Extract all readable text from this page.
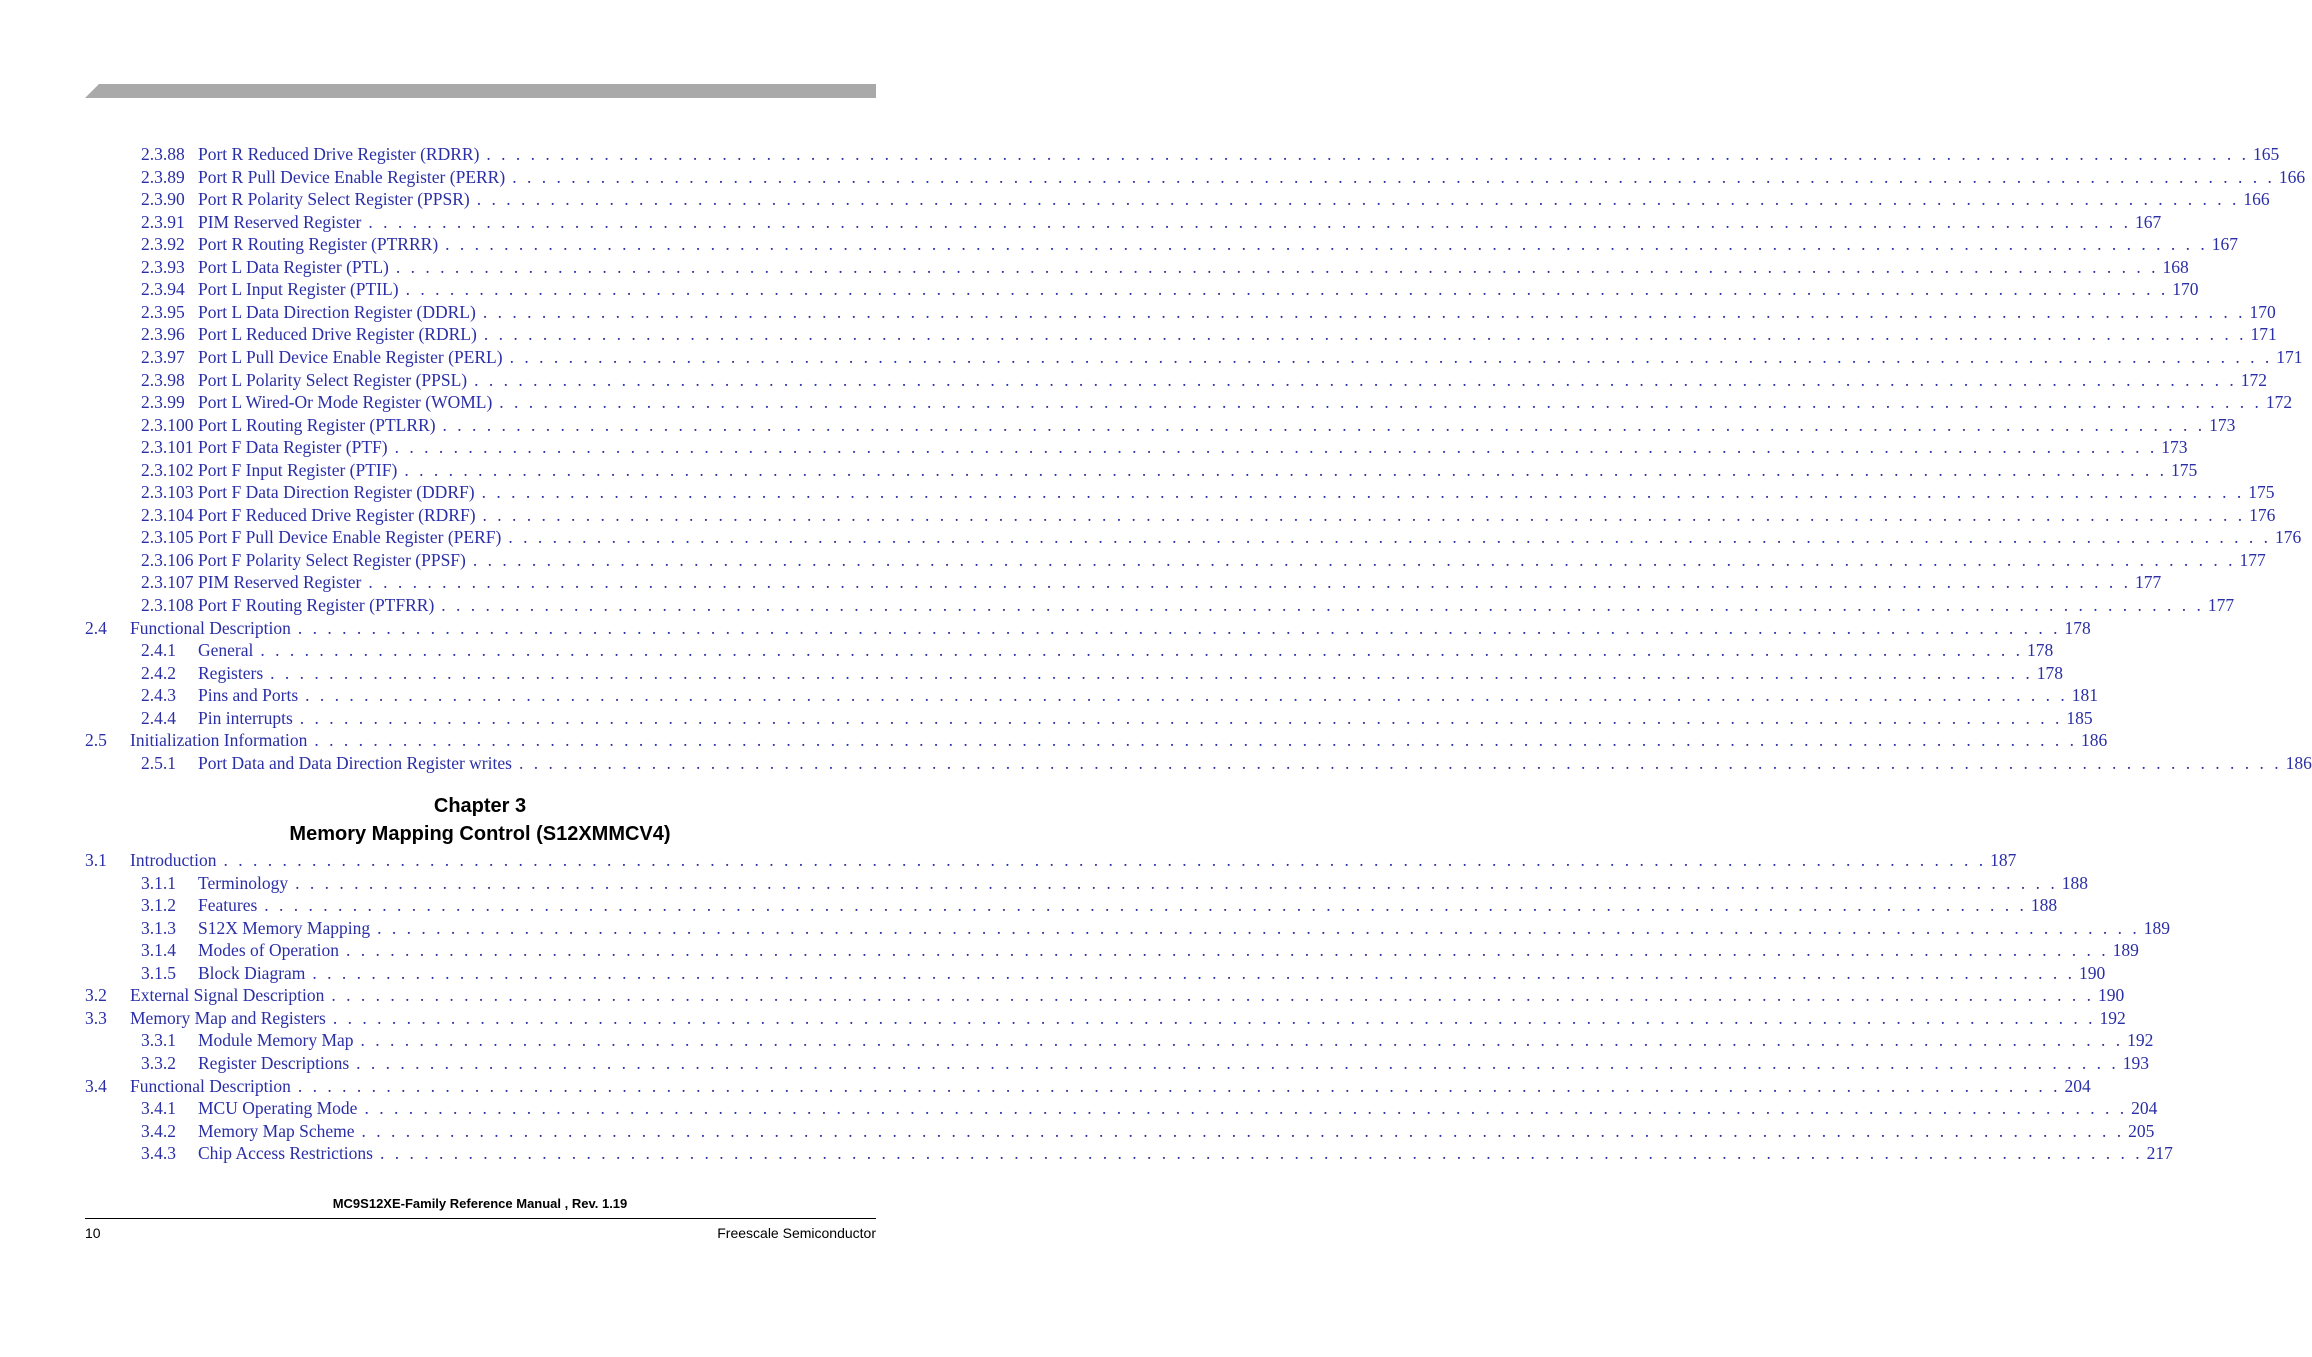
2.3.88 Port R Reduced Drive Register (RDRR) . . . . . . . . . . . . . . . . . . . . . . . . . . . . . . . . . . . . . . . . . . . . . . . . . . . . . . . . . . . . . . . . . . . . . . . . . . . . . . . . . . . . . . . . . . . . . . . . . . . . . . . . . . . . . . . . . . . . . . . . 165
2.3.89 Port R Pull Device Enable Register (PERR) . . . . . . . . . . . . . . . . . . . . . . . . . . . . . . . . . . . . . . . . . . . . . . . . . . . . . . . . . . . . . . . . . . . . . . . . . . . . . . . . . . . . . . . . . . . . . . . . . . . . . . . . . . . . . . . . . . . . . . . . 166
2.3.90 Port R Polarity Select Register (PPSR) . . . . . . . . . . . . . . . . . . . . . . . . . . . . . . . . . . . . . . . . . . . . . . . . . . . . . . . . . . . . . . . . . . . . . . . . . . . . . . . . . . . . . . . . . . . . . . . . . . . . . . . . . . . . . . . . . . . . . . . . 166
2.3.91 PIM Reserved Register . . . . . . . . . . . . . . . . . . . . . . . . . . . . . . . . . . . . . . . . . . . . . . . . . . . . . . . . . . . . . . . . . . . . . . . . . . . . . . . . . . . . . . . . . . . . . . . . . . . . . . . . . . . . . . . . . . . . . . . . 167
2.3.92 Port R Routing Register (PTRRR) . . . . . . . . . . . . . . . . . . . . . . . . . . . . . . . . . . . . . . . . . . . . . . . . . . . . . . . . . . . . . . . . . . . . . . . . . . . . . . . . . . . . . . . . . . . . . . . . . . . . . . . . . . . . . . . . . . . . . . . . 167
2.3.93 Port L Data Register (PTL) . . . . . . . . . . . . . . . . . . . . . . . . . . . . . . . . . . . . . . . . . . . . . . . . . . . . . . . . . . . . . . . . . . . . . . . . . . . . . . . . . . . . . . . . . . . . . . . . . . . . . . . . . . . . . . . . . . . . . . . . 168
2.3.94 Port L Input Register (PTIL) . . . . . . . . . . . . . . . . . . . . . . . . . . . . . . . . . . . . . . . . . . . . . . . . . . . . . . . . . . . . . . . . . . . . . . . . . . . . . . . . . . . . . . . . . . . . . . . . . . . . . . . . . . . . . . . . . . . . . . . . 170
2.3.95 Port L Data Direction Register (DDRL) . . . . . . . . . . . . . . . . . . . . . . . . . . . . . . . . . . . . . . . . . . . . . . . . . . . . . . . . . . . . . . . . . . . . . . . . . . . . . . . . . . . . . . . . . . . . . . . . . . . . . . . . . . . . . . . . . . . . . . . . 170
2.3.96 Port L Reduced Drive Register (RDRL) . . . . . . . . . . . . . . . . . . . . . . . . . . . . . . . . . . . . . . . . . . . . . . . . . . . . . . . . . . . . . . . . . . . . . . . . . . . . . . . . . . . . . . . . . . . . . . . . . . . . . . . . . . . . . . . . . . . . . . . . 171
2.3.97 Port L Pull Device Enable Register (PERL) . . . . . . . . . . . . . . . . . . . . . . . . . . . . . . . . . . . . . . . . . . . . . . . . . . . . . . . . . . . . . . . . . . . . . . . . . . . . . . . . . . . . . . . . . . . . . . . . . . . . . . . . . . . . . . . . . . . . . . . . 171
2.3.98 Port L Polarity Select Register (PPSL) . . . . . . . . . . . . . . . . . . . . . . . . . . . . . . . . . . . . . . . . . . . . . . . . . . . . . . . . . . . . . . . . . . . . . . . . . . . . . . . . . . . . . . . . . . . . . . . . . . . . . . . . . . . . . . . . . . . . . . . . 172
2.3.99 Port L Wired-Or Mode Register (WOML) . . . . . . . . . . . . . . . . . . . . . . . . . . . . . . . . . . . . . . . . . . . . . . . . . . . . . . . . . . . . . . . . . . . . . . . . . . . . . . . . . . . . . . . . . . . . . . . . . . . . . . . . . . . . . . . . . . . . . . . . 172
2.3.100 Port L Routing Register (PTLRR) . . . . . . . . . . . . . . . . . . . . . . . . . . . . . . . . . . . . . . . . . . . . . . . . . . . . . . . . . . . . . . . . . . . . . . . . . . . . . . . . . . . . . . . . . . . . . . . . . . . . . . . . . . . . . . . . . . . . . . . . 173
2.3.101 Port F Data Register (PTF) . . . . . . . . . . . . . . . . . . . . . . . . . . . . . . . . . . . . . . . . . . . . . . . . . . . . . . . . . . . . . . . . . . . . . . . . . . . . . . . . . . . . . . . . . . . . . . . . . . . . . . . . . . . . . . . . . . . . . . . . 173
2.3.102 Port F Input Register (PTIF) . . . . . . . . . . . . . . . . . . . . . . . . . . . . . . . . . . . . . . . . . . . . . . . . . . . . . . . . . . . . . . . . . . . . . . . . . . . . . . . . . . . . . . . . . . . . . . . . . . . . . . . . . . . . . . . . . . . . . . . . 175
2.3.103 Port F Data Direction Register (DDRF) . . . . . . . . . . . . . . . . . . . . . . . . . . . . . . . . . . . . . . . . . . . . . . . . . . . . . . . . . . . . . . . . . . . . . . . . . . . . . . . . . . . . . . . . . . . . . . . . . . . . . . . . . . . . . . . . . . . . . . . . 175
2.3.104 Port F Reduced Drive Register (RDRF) . . . . . . . . . . . . . . . . . . . . . . . . . . . . . . . . . . . . . . . . . . . . . . . . . . . . . . . . . . . . . . . . . . . . . . . . . . . . . . . . . . . . . . . . . . . . . . . . . . . . . . . . . . . . . . . . . . . . . . . . 176
2.3.105 Port F Pull Device Enable Register (PERF) . . . . . . . . . . . . . . . . . . . . . . . . . . . . . . . . . . . . . . . . . . . . . . . . . . . . . . . . . . . . . . . . . . . . . . . . . . . . . . . . . . . . . . . . . . . . . . . . . . . . . . . . . . . . . . . . . . . . . . . . 176
2.3.106 Port F Polarity Select Register (PPSF) . . . . . . . . . . . . . . . . . . . . . . . . . . . . . . . . . . . . . . . . . . . . . . . . . . . . . . . . . . . . . . . . . . . . . . . . . . . . . . . . . . . . . . . . . . . . . . . . . . . . . . . . . . . . . . . . . . . . . . . . 177
2.3.107 PIM Reserved Register . . . . . . . . . . . . . . . . . . . . . . . . . . . . . . . . . . . . . . . . . . . . . . . . . . . . . . . . . . . . . . . . . . . . . . . . . . . . . . . . . . . . . . . . . . . . . . . . . . . . . . . . . . . . . . . . . . . . . . . . 177
2.3.108 Port F Routing Register (PTFRR) . . . . . . . . . . . . . . . . . . . . . . . . . . . . . . . . . . . . . . . . . . . . . . . . . . . . . . . . . . . . . . . . . . . . . . . . . . . . . . . . . . . . . . . . . . . . . . . . . . . . . . . . . . . . . . . . . . . . . . . . 177
2.4	Functional Description . . . . . . . . . . . . . . . . . . . . . . . . . . . . . . . . . . . . . . . . . . . . . . . . . . . . . . . . . . . . . . . . . . . . . . . . . . . . . . . . . . . . . . . . . . . . . . . . . . . . . . . . . . . . . . . . . . . . . . . . 178
2.4.1	General . . . . . . . . . . . . . . . . . . . . . . . . . . . . . . . . . . . . . . . . . . . . . . . . . . . . . . . . . . . . . . . . . . . . . . . . . . . . . . . . . . . . . . . . . . . . . . . . . . . . . . . . . . . . . . . . . . . . . . . . 178
2.4.2	Registers . . . . . . . . . . . . . . . . . . . . . . . . . . . . . . . . . . . . . . . . . . . . . . . . . . . . . . . . . . . . . . . . . . . . . . . . . . . . . . . . . . . . . . . . . . . . . . . . . . . . . . . . . . . . . . . . . . . . . . . . 178
2.4.3	Pins and Ports . . . . . . . . . . . . . . . . . . . . . . . . . . . . . . . . . . . . . . . . . . . . . . . . . . . . . . . . . . . . . . . . . . . . . . . . . . . . . . . . . . . . . . . . . . . . . . . . . . . . . . . . . . . . . . . . . . . . . . . . 181
2.4.4	Pin interrupts . . . . . . . . . . . . . . . . . . . . . . . . . . . . . . . . . . . . . . . . . . . . . . . . . . . . . . . . . . . . . . . . . . . . . . . . . . . . . . . . . . . . . . . . . . . . . . . . . . . . . . . . . . . . . . . . . . . . . . . . 185
2.5	Initialization Information . . . . . . . . . . . . . . . . . . . . . . . . . . . . . . . . . . . . . . . . . . . . . . . . . . . . . . . . . . . . . . . . . . . . . . . . . . . . . . . . . . . . . . . . . . . . . . . . . . . . . . . . . . . . . . . . . . . . . . . . 186
2.5.1	Port Data and Data Direction Register writes . . . . . . . . . . . . . . . . . . . . . . . . . . . . . . . . . . . . . . . . . . . . . . . . . . . . . . . . . . . . . . . . . . . . . . . . . . . . . . . . . . . . . . . . . . . . . . . . . . . . . . . . . . . . . . . . . . . . . . . . 186
3.1	Introduction . . . . . . . . . . . . . . . . . . . . . . . . . . . . . . . . . . . . . . . . . . . . . . . . . . . . . . . . . . . . . . . . . . . . . . . . . . . . . . . . . . . . . . . . . . . . . . . . . . . . . . . . . . . . . . . . . . . . . . . . 187
3.1.1	Terminology . . . . . . . . . . . . . . . . . . . . . . . . . . . . . . . . . . . . . . . . . . . . . . . . . . . . . . . . . . . . . . . . . . . . . . . . . . . . . . . . . . . . . . . . . . . . . . . . . . . . . . . . . . . . . . . . . . . . . . . . 188
3.1.2	Features . . . . . . . . . . . . . . . . . . . . . . . . . . . . . . . . . . . . . . . . . . . . . . . . . . . . . . . . . . . . . . . . . . . . . . . . . . . . . . . . . . . . . . . . . . . . . . . . . . . . . . . . . . . . . . . . . . . . . . . . 188
3.1.3	S12X Memory Mapping . . . . . . . . . . . . . . . . . . . . . . . . . . . . . . . . . . . . . . . . . . . . . . . . . . . . . . . . . . . . . . . . . . . . . . . . . . . . . . . . . . . . . . . . . . . . . . . . . . . . . . . . . . . . . . . . . . . . . . . . 189
3.1.4	Modes of Operation . . . . . . . . . . . . . . . . . . . . . . . . . . . . . . . . . . . . . . . . . . . . . . . . . . . . . . . . . . . . . . . . . . . . . . . . . . . . . . . . . . . . . . . . . . . . . . . . . . . . . . . . . . . . . . . . . . . . . . . . 189
3.1.5	Block Diagram . . . . . . . . . . . . . . . . . . . . . . . . . . . . . . . . . . . . . . . . . . . . . . . . . . . . . . . . . . . . . . . . . . . . . . . . . . . . . . . . . . . . . . . . . . . . . . . . . . . . . . . . . . . . . . . . . . . . . . . . 190
3.2	External Signal Description . . . . . . . . . . . . . . . . . . . . . . . . . . . . . . . . . . . . . . . . . . . . . . . . . . . . . . . . . . . . . . . . . . . . . . . . . . . . . . . . . . . . . . . . . . . . . . . . . . . . . . . . . . . . . . . . . . . . . . . . 190
3.3	Memory Map and Registers . . . . . . . . . . . . . . . . . . . . . . . . . . . . . . . . . . . . . . . . . . . . . . . . . . . . . . . . . . . . . . . . . . . . . . . . . . . . . . . . . . . . . . . . . . . . . . . . . . . . . . . . . . . . . . . . . . . . . . . . 192
3.3.1	Module Memory Map . . . . . . . . . . . . . . . . . . . . . . . . . . . . . . . . . . . . . . . . . . . . . . . . . . . . . . . . . . . . . . . . . . . . . . . . . . . . . . . . . . . . . . . . . . . . . . . . . . . . . . . . . . . . . . . . . . . . . . . . 192
3.3.2	Register Descriptions . . . . . . . . . . . . . . . . . . . . . . . . . . . . . . . . . . . . . . . . . . . . . . . . . . . . . . . . . . . . . . . . . . . . . . . . . . . . . . . . . . . . . . . . . . . . . . . . . . . . . . . . . . . . . . . . . . . . . . . . 193
3.4	Functional Description . . . . . . . . . . . . . . . . . . . . . . . . . . . . . . . . . . . . . . . . . . . . . . . . . . . . . . . . . . . . . . . . . . . . . . . . . . . . . . . . . . . . . . . . . . . . . . . . . . . . . . . . . . . . . . . . . . . . . . . . 204
3.4.1	MCU Operating Mode . . . . . . . . . . . . . . . . . . . . . . . . . . . . . . . . . . . . . . . . . . . . . . . . . . . . . . . . . . . . . . . . . . . . . . . . . . . . . . . . . . . . . . . . . . . . . . . . . . . . . . . . . . . . . . . . . . . . . . . . 204
3.4.2	Memory Map Scheme . . . . . . . . . . . . . . . . . . . . . . . . . . . . . . . . . . . . . . . . . . . . . . . . . . . . . . . . . . . . . . . . . . . . . . . . . . . . . . . . . . . . . . . . . . . . . . . . . . . . . . . . . . . . . . . . . . . . . . . . 205
3.4.3	Chip Access Restrictions . . . . . . . . . . . . . . . . . . . . . . . . . . . . . . . . . . . . . . . . . . . . . . . . . . . . . . . . . . . . . . . . . . . . . . . . . . . . . . . . . . . . . . . . . . . . . . . . . . . . . . . . . . . . . . . . . . . . . . . . 217
Chapter 3
Memory Mapping Control (S12XMMCV4)
MC9S12XE-Family Reference Manual , Rev. 1.19
10	Freescale Semiconductor
